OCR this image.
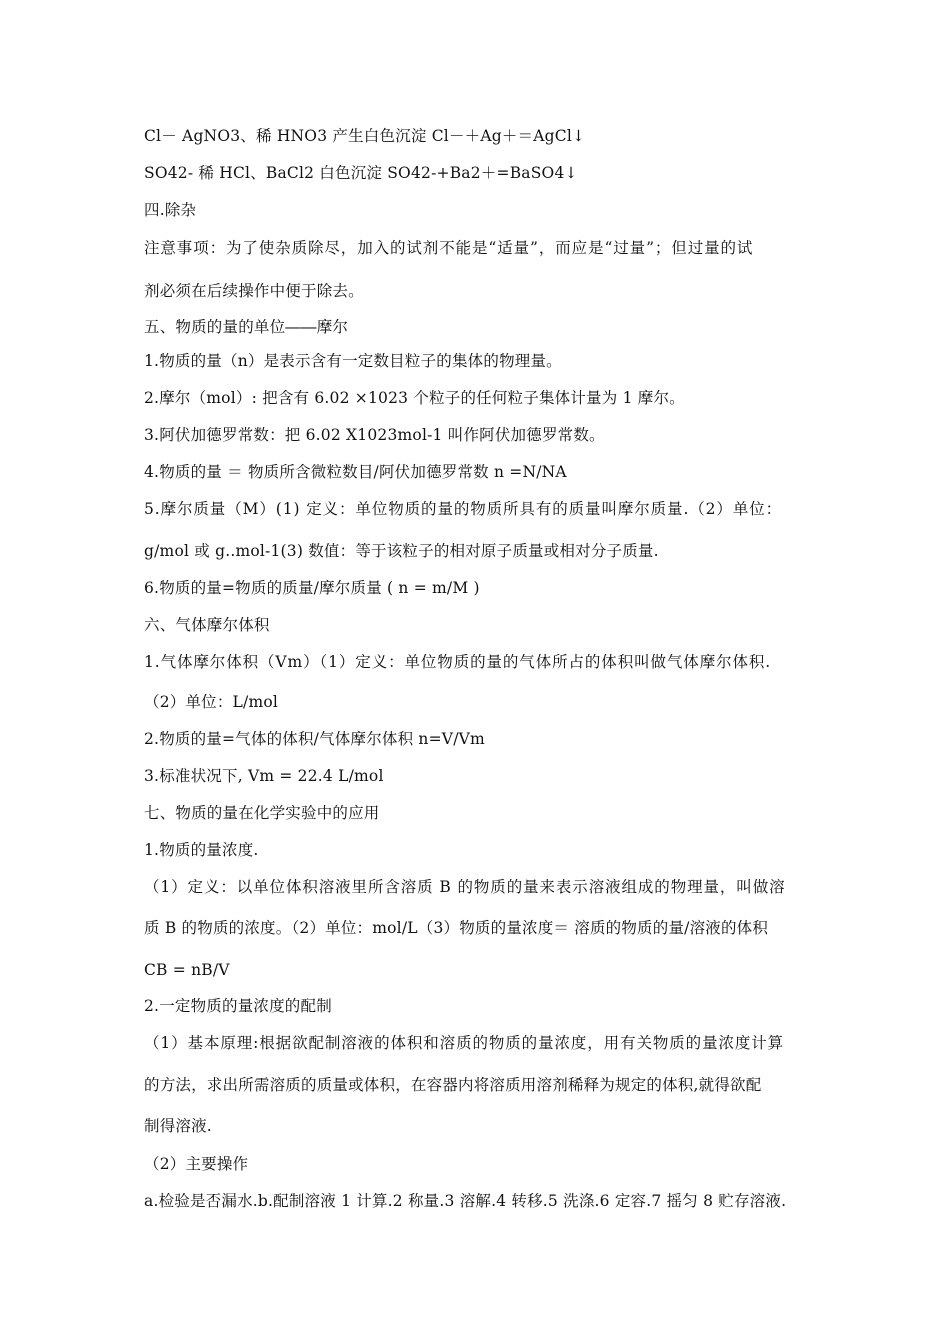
Cl－ AgNO3、稀 HNO3 产生白色沉淀 Cl－＋Ag＋＝AgCl↓
SO42- 稀 HCl、BaCl2 白色沉淀 SO42-+Ba2＋=BaSO4↓
四.除杂
注意事项：为了使杂质除尽，加入的试剂不能是“适量”，而应是“过量”；但过量的试
剂必须在后续操作中便于除去。
五、物质的量的单位――摩尔
1.物质的量（n）是表示含有一定数目粒子的集体的物理量。
2.摩尔（mol）: 把含有 6.02 ×1023 个粒子的任何粒子集体计量为 1 摩尔。
3.阿伏加德罗常数：把 6.02 X1023mol-1 叫作阿伏加德罗常数。
4.物质的量 ＝ 物质所含微粒数目/阿伏加德罗常数 n =N/NA
5.摩尔质量（M）(1) 定义：单位物质的量的物质所具有的质量叫摩尔质量.（2）单位：
g/mol 或 g..mol-1(3) 数值：等于该粒子的相对原子质量或相对分子质量.
6.物质的量=物质的质量/摩尔质量 ( n = m/M )
六、气体摩尔体积
1.气体摩尔体积（Vm）（1）定义：单位物质的量的气体所占的体积叫做气体摩尔体积.
（2）单位：L/mol
2.物质的量=气体的体积/气体摩尔体积 n=V/Vm
3.标准状况下, Vm = 22.4 L/mol
七、物质的量在化学实验中的应用
1.物质的量浓度.
（1）定义：以单位体积溶液里所含溶质 B 的物质的量来表示溶液组成的物理量，叫做溶
质 B 的物质的浓度。（2）单位：mol/L（3）物质的量浓度＝ 溶质的物质的量/溶液的体积
CB = nB/V
2.一定物质的量浓度的配制
（1）基本原理:根据欲配制溶液的体积和溶质的物质的量浓度，用有关物质的量浓度计算
的方法，求出所需溶质的质量或体积，在容器内将溶质用溶剂稀释为规定的体积,就得欲配
制得溶液.
（2）主要操作
a.检验是否漏水.b.配制溶液 1 计算.2 称量.3 溶解.4 转移.5 洗涤.6 定容.7 摇匀 8 贮存溶液.
